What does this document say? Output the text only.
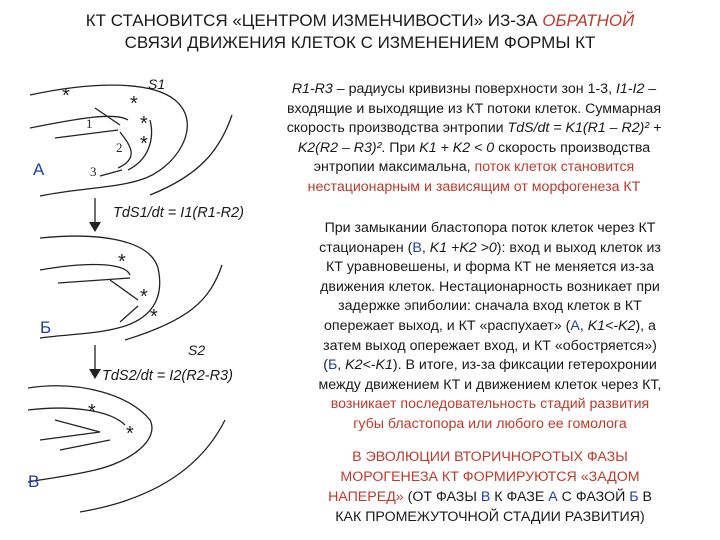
КТ СТАНОВИТСЯ «ЦЕНТРОМ ИЗМЕНЧИВОСТИ» ИЗ-ЗА ОБРАТНОЙ
СВЯЗИ ДВИЖЕНИЯ КЛЕТОК С ИЗМЕНЕНИЕМ ФОРМЫ КТ
*	*
*
*
*
*
*
*
*
1
2
3
S1
S2
TdS1/dt = I1(R1-R2)
TdS2/dt = I2(R2-R3)
А
Б
В
R1-R3 – радиусы кривизны поверхности зон 1-3, I1-I2 –
входящие и выходящие из КТ потоки клеток. Суммарная
скорость производства энтропии TdS/dt = K1(R1 – R2)² +
K2(R2 – R3)². При K1 + K2 < 0 скорость производства
энтропии максимальна, поток клеток становится
нестационарным и зависящим от морфогенеза КТ
При замыкании бластопора поток клеток через КТ
стационарен (В, K1 +K2 >0): вход и выход клеток из
КТ уравновешены, и форма КТ не меняется из-за
движения клеток. Нестационарность возникает при
задержке эпиболии: сначала вход клеток в КТ
опережает выход, и КТ «распухает» (А, K1<-K2), а
затем выход опережает вход, и КТ «обостряется»)
(Б, K2<-K1). В итоге, из-за фиксации гетерохронии
между движением КТ и движением клеток через КТ,
возникает последовательность стадий развития
губы бластопора или любого ее гомолога
В ЭВОЛЮЦИИ ВТОРИЧНОРОТЫХ ФАЗЫ
МОРОГЕНЕЗА КТ ФОРМИРУЮТСЯ «ЗАДОМ
НАПЕРЕД» (ОТ ФАЗЫ В К ФАЗЕ А С ФАЗОЙ Б В
КАК ПРОМЕЖУТОЧНОЙ СТАДИИ РАЗВИТИЯ)
